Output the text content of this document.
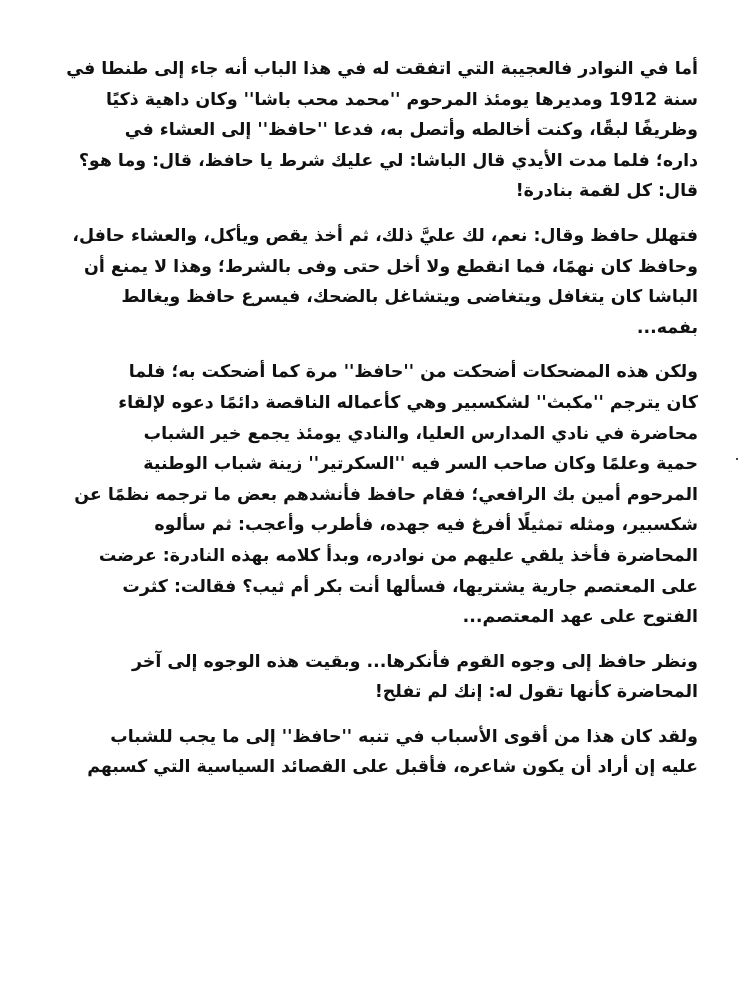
أما في النوادر فالعجيبة التي اتفقت له في هذا الباب أنه جاء إلى طنطا في
سنة 1912 ومديرها يومئذ المرحوم ''محمد محب باشا'' وكان داهية ذكيًا
وظريفًا لبقًا، وكنت أخالطه وأتصل به، فدعا ''حافظ'' إلى العشاء في
داره؛ فلما مدت الأيدي قال الباشا: لي عليك شرط يا حافظ، قال: وما هو؟
قال: كل لقمة بنادرة!

فتهلل حافظ وقال: نعم، لك عليَّ ذلك، ثم أخذ يقص ويأكل، والعشاء حافل،
وحافظ كان نهمًا، فما انقطع ولا أخل حتى وفى بالشرط؛ وهذا لا يمنع أن
الباشا كان يتغافل ويتغاضى ويتشاغل بالضحك، فيسرع حافظ ويغالط
بفمه...

ولكن هذه المضحكات أضحكت من ''حافظ'' مرة كما أضحكت به؛ فلما
كان يترجم ''مكبث'' لشكسبير وهي كأعماله الناقصة دائمًا دعوه لإلقاء
محاضرة في نادي المدارس العليا، والنادي يومئذ يجمع خير الشباب
حمية وعلمًا وكان صاحب السر فيه ''السكرتير'' زينة شباب الوطنية
المرحوم أمين بك الرافعي؛ فقام حافظ فأنشدهم بعض ما ترجمه نظمًا عن
شكسبير، ومثله تمثيلًا أفرغ فيه جهده، فأطرب وأعجب: ثم سألوه
المحاضرة فأخذ يلقي عليهم من نوادره، وبدأ كلامه بهذه النادرة: عرضت
على المعتصم جارية يشتريها، فسألها أنت بكر أم ثيب؟ فقالت: كثرت
الفتوح على عهد المعتصم...

ونظر حافظ إلى وجوه القوم فأنكرها... وبقيت هذه الوجوه إلى آخر
المحاضرة كأنها تقول له: إنك لم تفلح!

ولقد كان هذا من أقوى الأسباب في تنبه ''حافظ'' إلى ما يجب للشباب
عليه إن أراد أن يكون شاعره، فأقبل على القصائد السياسية التي كسبهم
